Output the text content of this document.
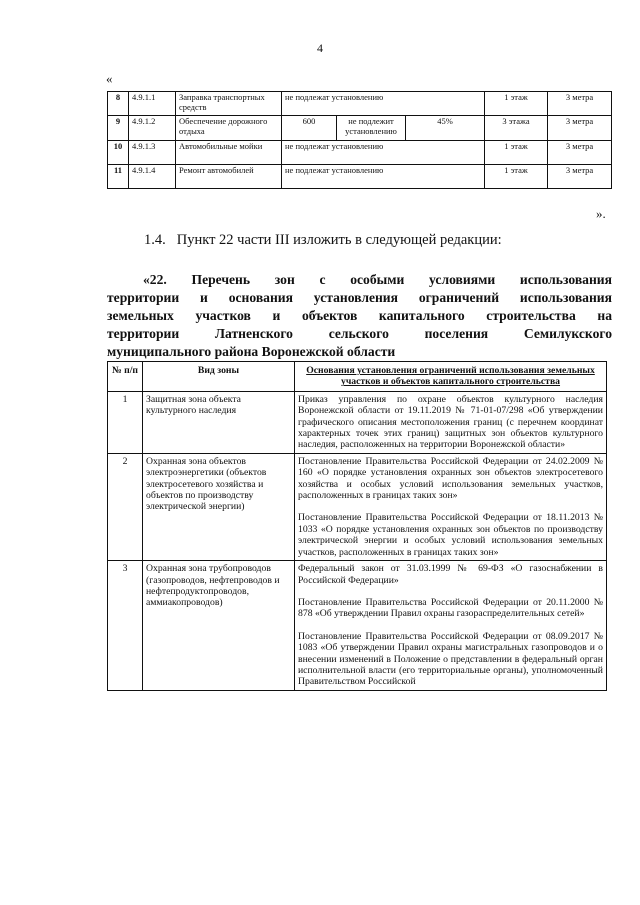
4
«
8	4.9.1.1	Заправка транспортных средств	не подлежат установлению			1 этаж	3 метра
9	4.9.1.2	Обеспечение дорожного отдыха	600	не подлежит установлению	45%	3 этажа	3 метра
10	4.9.1.3	Автомобильные мойки	не подлежат установлению			1 этаж	3 метра
11	4.9.1.4	Ремонт автомобилей	не подлежат установлению			1 этаж	3 метра
».
1.4. Пункт 22 части III изложить в следующей редакции:
«22. Перечень зон с особыми условиями использования
территории и основания установления ограничений использования
земельных участков и объектов капитального строительства на
территории Латненского сельского поселения Семилукского
муниципального района Воронежской области
№ п/п	Вид зоны	Основания установления ограничений использования земельных участков и объектов капитального строительства
1	Защитная зона объекта культурного наследия	Приказ управления по охране объектов культурного наследия Воронежской области от 19.11.2019 № 71-01-07/298 «Об утверждении графического описания местоположения границ (с перечнем координат характерных точек этих границ) защитных зон объектов культурного наследия, расположенных на территории Воронежской области»

2	Охранная зона объектов электроэнергетики (объектов электросетевого хозяйства и объектов по производству электрической энергии)	Постановление Правительства Российской Федерации от 24.02.2009 № 160 «О порядке установления охранных зон объектов электросетевого хозяйства и особых условий использования земельных участков, расположенных в границах таких зон»

Постановление Правительства Российской Федерации от 18.11.2013 № 1033 «О порядке установления охранных зон объектов по производству электрической энергии и особых условий использования земельных участков, расположенных в границах таких зон»

3	Охранная зона трубопроводов (газопроводов, нефтепроводов и нефтепродуктопроводов, аммиакопроводов)	Федеральный закон от 31.03.1999 № 69-ФЗ «О газоснабжении в Российской Федерации»

Постановление Правительства Российской Федерации от 20.11.2000 № 878 «Об утверждении Правил охраны газораспределительных сетей»

Постановление Правительства Российской Федерации от 08.09.2017 № 1083 «Об утверждении Правил охраны магистральных газопроводов и о внесении изменений в Положение о представлении в федеральный орган исполнительной власти (его территориальные органы), уполномоченный Правительством Российской
